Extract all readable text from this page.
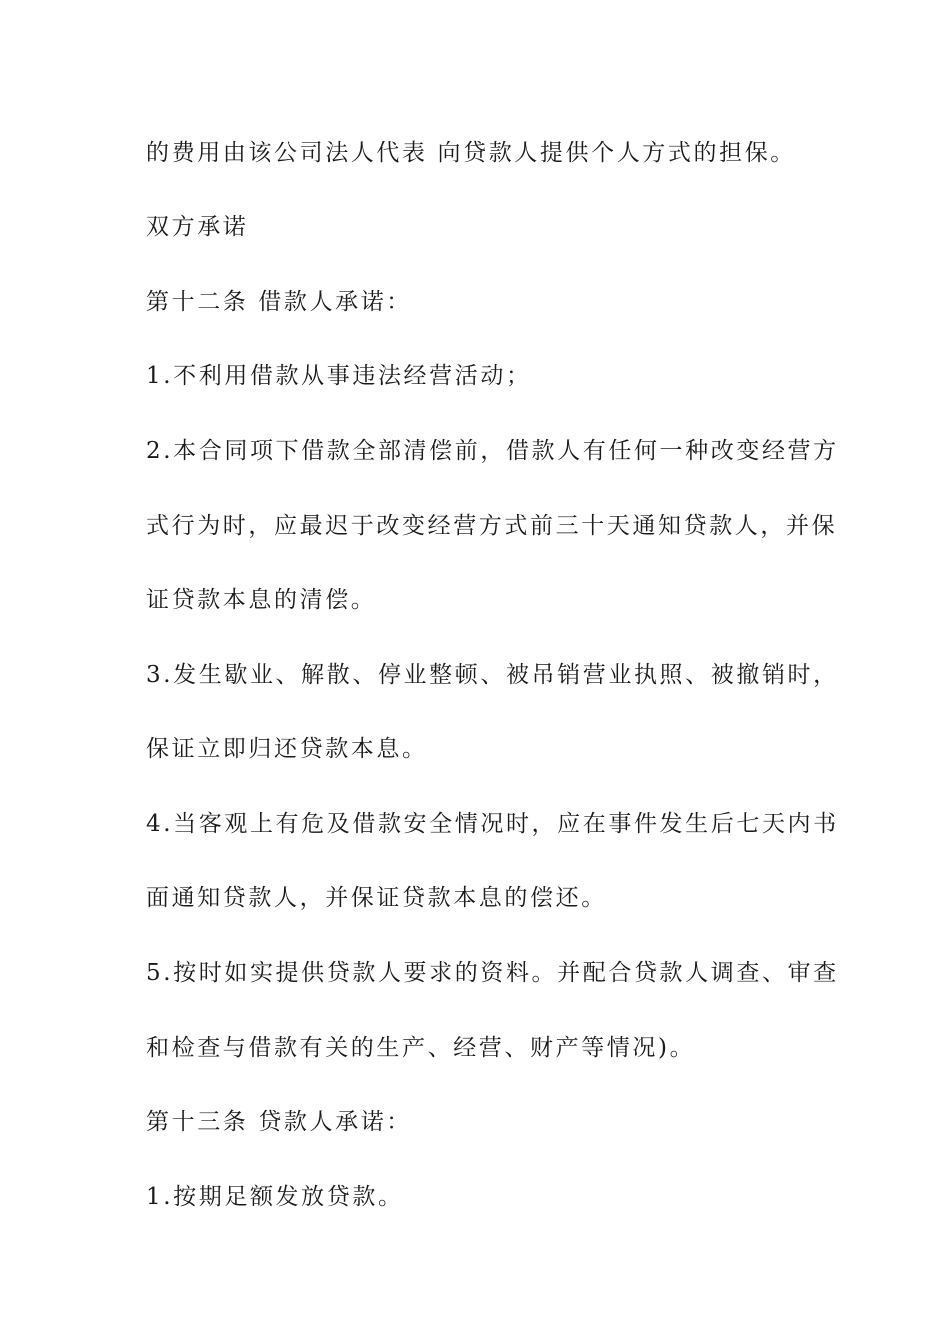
的费用由该公司法人代表 向贷款人提供个人方式的担保。
双方承诺
第十二条 借款人承诺：
1.不利用借款从事违法经营活动；
2.本合同项下借款全部清偿前，借款人有任何一种改变经营方
式行为时，应最迟于改变经营方式前三十天通知贷款人，并保
证贷款本息的清偿。
3.发生歇业、解散、停业整顿、被吊销营业执照、被撤销时，
保证立即归还贷款本息。
4.当客观上有危及借款安全情况时，应在事件发生后七天内书
面通知贷款人，并保证贷款本息的偿还。
5.按时如实提供贷款人要求的资料。并配合贷款人调查、审查
和检查与借款有关的生产、经营、财产等情况)。
第十三条 贷款人承诺：
1.按期足额发放贷款。
